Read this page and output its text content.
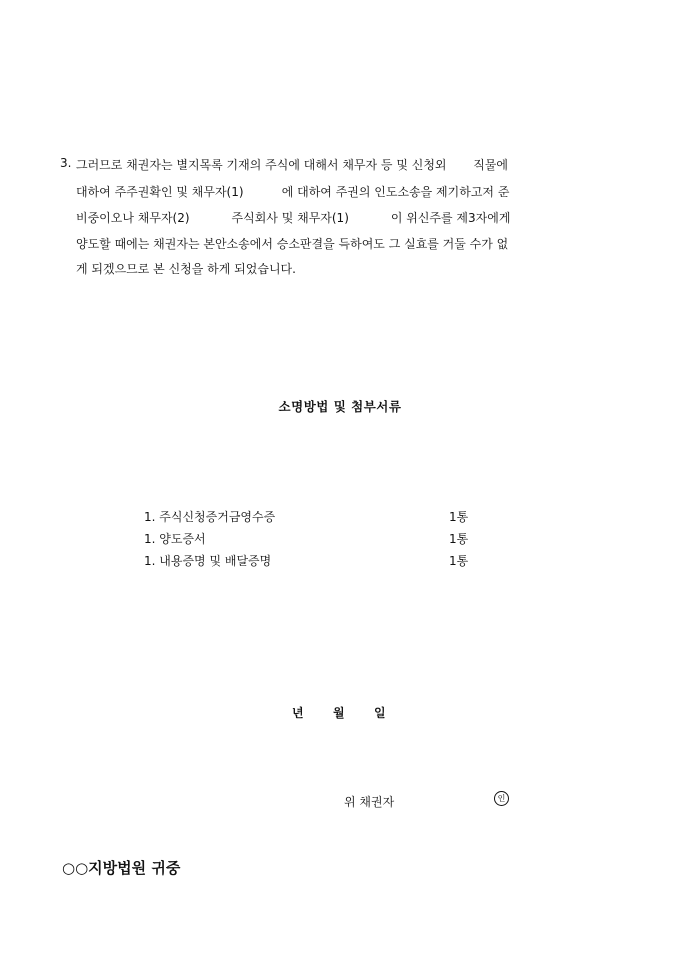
3. 그러므로 채권자는 별지목록 기재의 주식에 대해서 채무자 등 및 신청외       직물에
대하여 주주권확인 및 채무자(1)          에 대하여 주권의 인도소송을 제기하고저 준
비중이오나 채무자(2)           주식회사 및 채무자(1)           이 위신주를 제3자에게
양도할 때에는 채권자는 본안소송에서 승소판결을 득하여도 그 실효를 거둘 수가 없
게 되겠으므로 본 신청을 하게 되었습니다.
소명방법 및 첨부서류
1. 주식신청증거금영수증	1통
1. 양도증서	1통
1. 내용증명 및 배달증명	1통
년 월 일
위 채권자	인
○○지방법원 귀중
